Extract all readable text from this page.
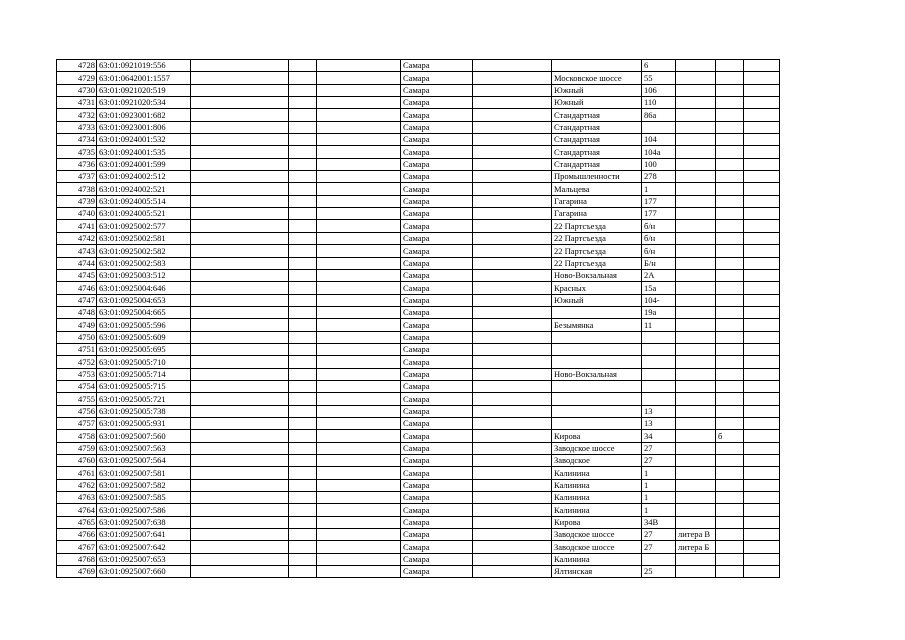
4728	63:01:0921019:556				Самара			6			
4729	63:01:0642001:1557				Самара		Московское шоссе	55			
4730	63:01:0921020:519				Самара		Южный	106			
4731	63:01:0921020:534				Самара		Южный	110			
4732	63:01:0923001:682				Самара		Стандартная	86а			
4733	63:01:0923001:806				Самара		Стандартная				
4734	63:01:0924001:532				Самара		Стандартная	104			
4735	63:01:0924001:535				Самара		Стандартная	104а			
4736	63:01:0924001:599				Самара		Стандартная	100			
4737	63:01:0924002:512				Самара		Промышленности	278			
4738	63:01:0924002:521				Самара		Мальцева	1			
4739	63:01:0924005:514				Самара		Гагарина	177			
4740	63:01:0924005:521				Самара		Гагарина	177			
4741	63:01:0925002:577				Самара		22 Партсъезда	б/н			
4742	63:01:0925002:581				Самара		22 Партсъезда	б/н			
4743	63:01:0925002:582				Самара		22 Партсъезда	б/н			
4744	63:01:0925002:583				Самара		22 Партсъезда	Б/н			
4745	63:01:0925003:512				Самара		Ново-Вокзальная	2А			
4746	63:01:0925004:646				Самара		Красных	15а			
4747	63:01:0925004:653				Самара		Южный	104-			
4748	63:01:0925004:665				Самара			19а			
4749	63:01:0925005:596				Самара		Безымянка	11			
4750	63:01:0925005:609				Самара						
4751	63:01:0925005:695				Самара						
4752	63:01:0925005:710				Самара						
4753	63:01:0925005:714				Самара		Ново-Вокзальная				
4754	63:01:0925005:715				Самара						
4755	63:01:0925005:721				Самара						
4756	63:01:0925005:738				Самара			13			
4757	63:01:0925005:931				Самара			13			
4758	63:01:0925007:560				Самара		Кирова	34		б	
4759	63:01:0925007:563				Самара		Заводское шоссе	27			
4760	63:01:0925007:564				Самара		Заводское	27			
4761	63:01:0925007:581				Самара		Калинина	1			
4762	63:01:0925007:582				Самара		Калинина	1			
4763	63:01:0925007:585				Самара		Калинина	1			
4764	63:01:0925007:586				Самара		Калинина	1			
4765	63:01:0925007:638				Самара		Кирова	34В			
4766	63:01:0925007:641				Самара		Заводское шоссе	27	литера В		
4767	63:01:0925007:642				Самара		Заводское шоссе	27	литера Б		
4768	63:01:0925007:653				Самара		Калинина				
4769	63:01:0925007:660				Самара		Ялтинская	25			
